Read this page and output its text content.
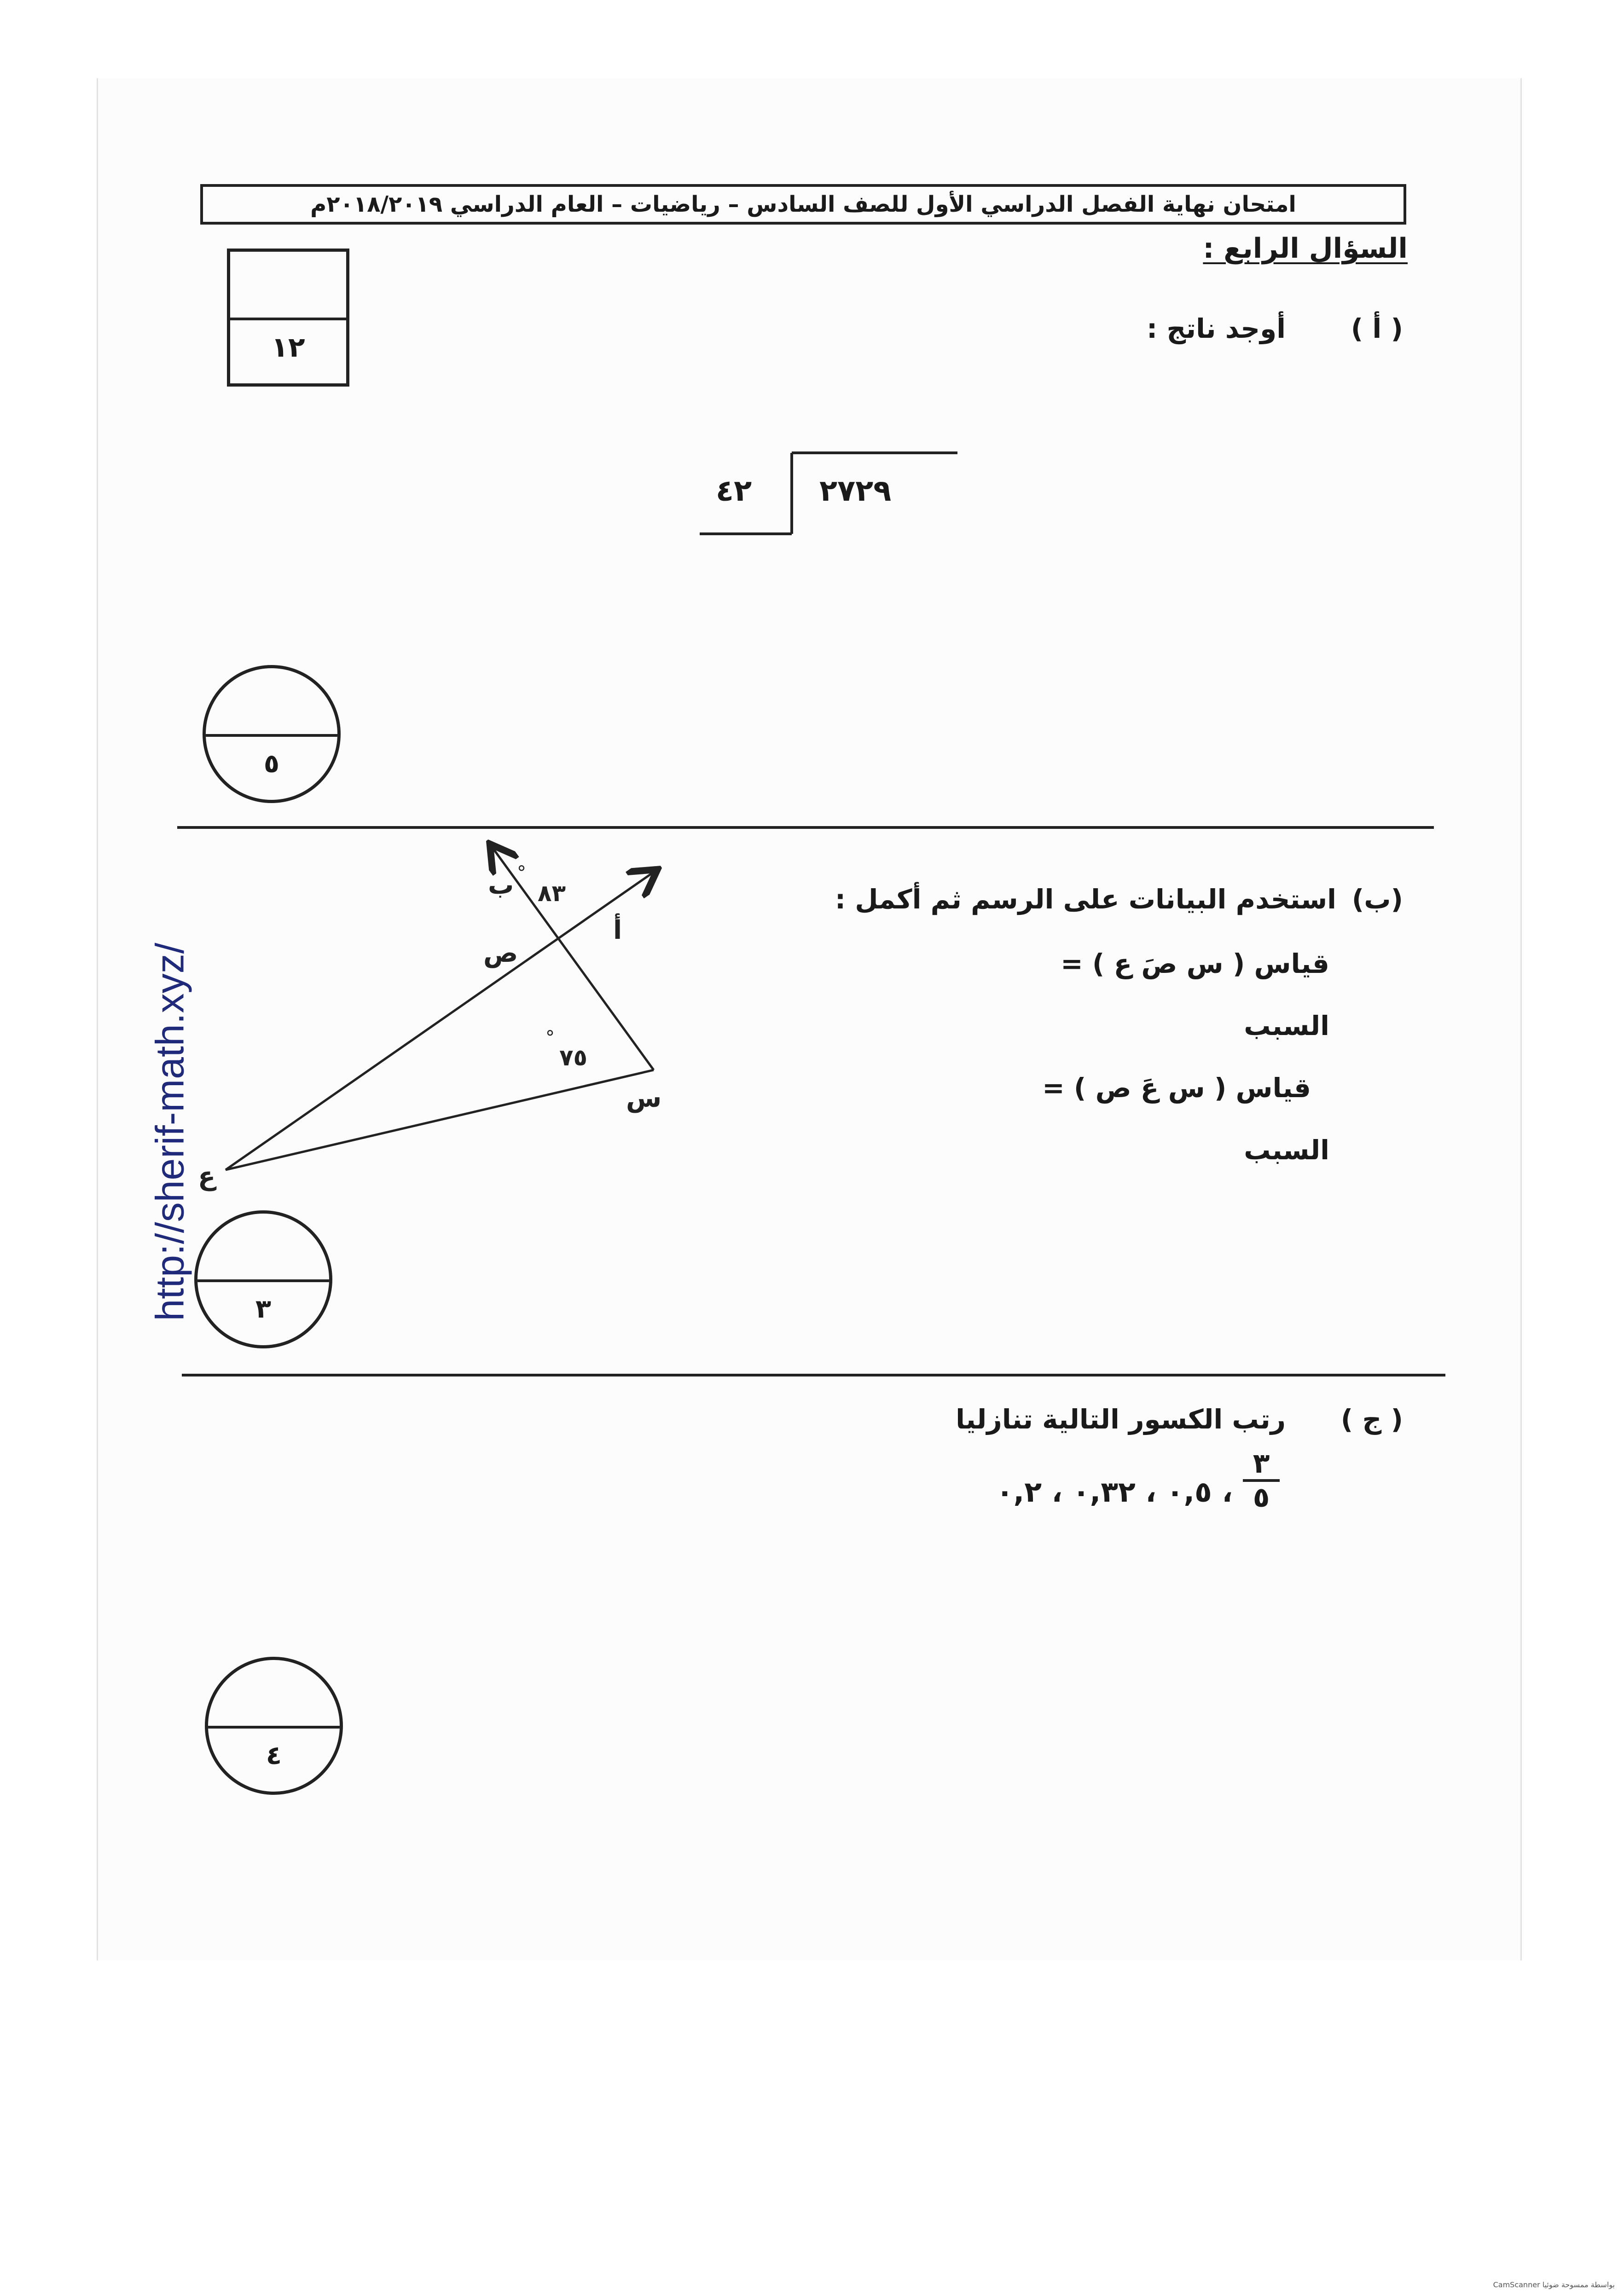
امتحان نهاية الفصل الدراسي الأول للصف السادس – رياضيات – العام الدراسي ٢٠١٨/٢٠١٩م
السؤال الرابع :
١٢
( أ )
أوجد ناتج :
٢٧٢٩
٤٢
٥
(ب)
استخدم البيانات على الرسم ثم أكمل :
قياس ( س صَ ع ) =
السبب
قياس ( س عَ ص ) =
السبب
ب °
٨٣
أ
ص
°
٧٥
س
ع
٣
( ج )
رتب الكسور التالية تنازليا
٣
٥
٠,٥ ، ٠,٣٢ ، ٠,٢ ،
٤
http://sherif-math.xyz/
CamScanner بواسطة ممسوحة ضوئيا
